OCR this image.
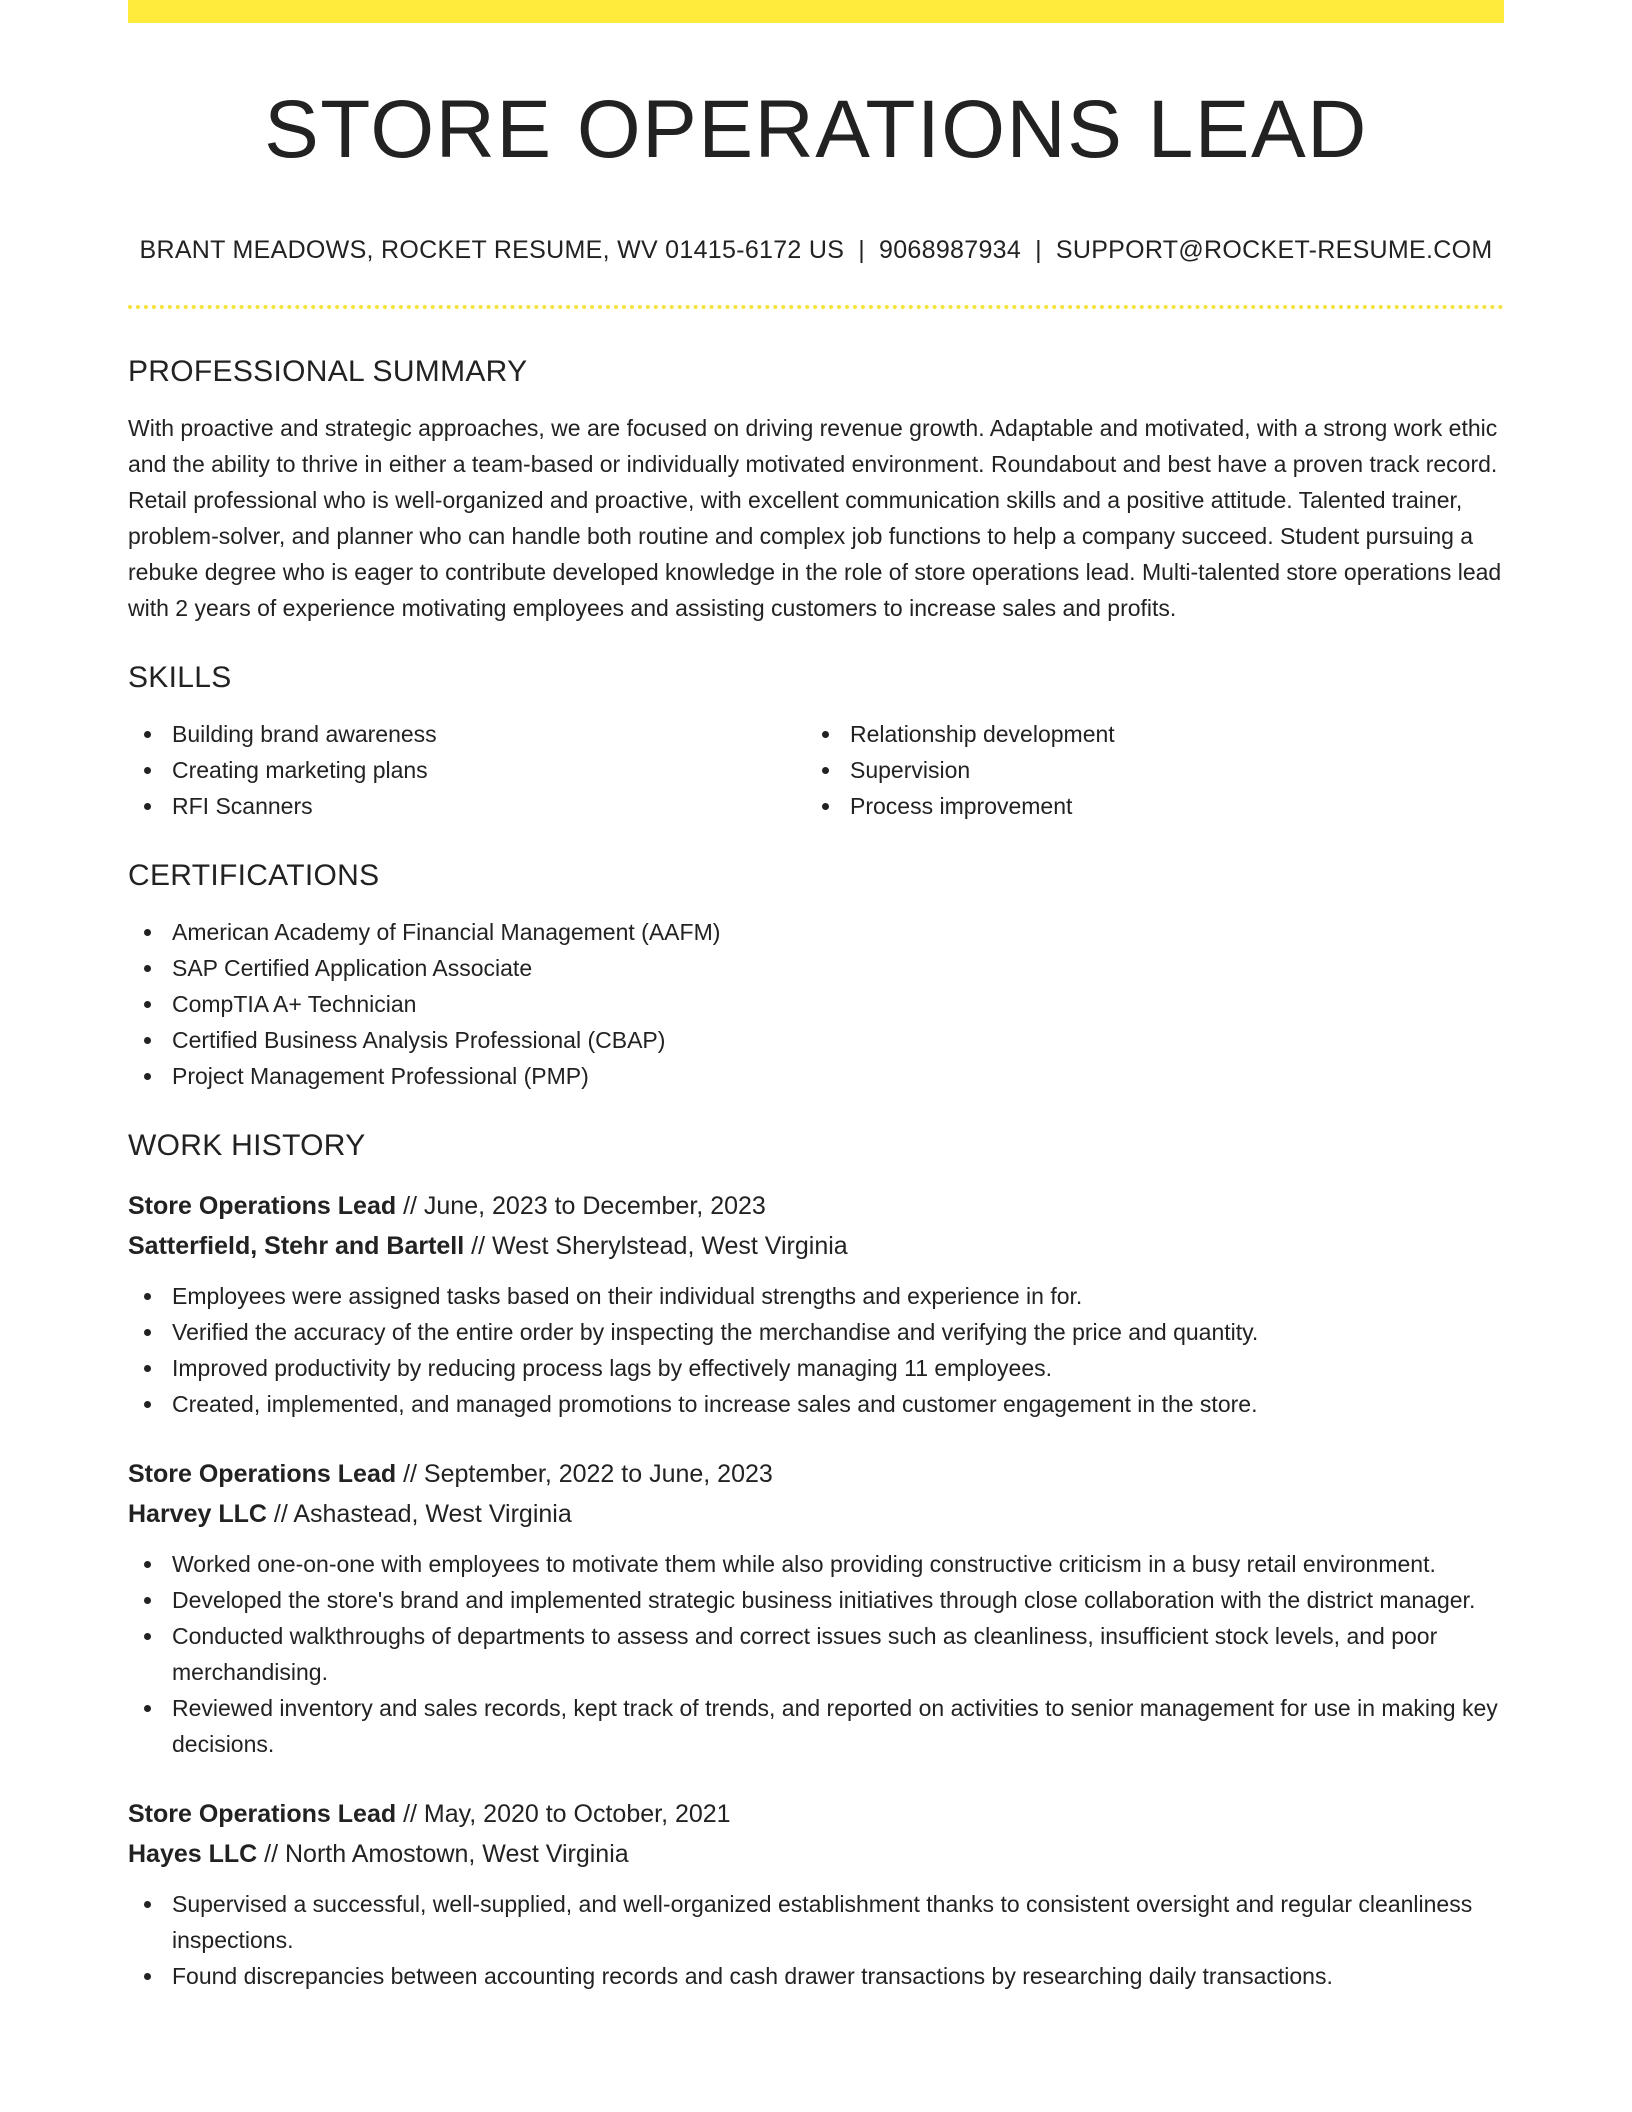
STORE OPERATIONS LEAD
BRANT MEADOWS, ROCKET RESUME, WV 01415-6172 US | 9068987934 | SUPPORT@ROCKET-RESUME.COM
PROFESSIONAL SUMMARY

With proactive and strategic approaches, we are focused on driving revenue growth. Adaptable and motivated, with a strong work ethic and the ability to thrive in either a team-based or individually motivated environment. Roundabout and best have a proven track record. Retail professional who is well-organized and proactive, with excellent communication skills and a positive attitude. Talented trainer, problem-solver, and planner who can handle both routine and complex job functions to help a company succeed. Student pursuing a rebuke degree who is eager to contribute developed knowledge in the role of store operations lead. Multi-talented store operations lead with 2 years of experience motivating employees and assisting customers to increase sales and profits.

SKILLS
Building brand awareness
Creating marketing plans
RFI Scanners
Relationship development
Supervision
Process improvement
CERTIFICATIONS
American Academy of Financial Management (AAFM)
SAP Certified Application Associate
CompTIA A+ Technician
Certified Business Analysis Professional (CBAP)
Project Management Professional (PMP)
WORK HISTORY
Store Operations Lead // June, 2023 to December, 2023
Satterfield, Stehr and Bartell // West Sherylstead, West Virginia
Employees were assigned tasks based on their individual strengths and experience in for.
Verified the accuracy of the entire order by inspecting the merchandise and verifying the price and quantity.
Improved productivity by reducing process lags by effectively managing 11 employees.
Created, implemented, and managed promotions to increase sales and customer engagement in the store.
Store Operations Lead // September, 2022 to June, 2023
Harvey LLC // Ashastead, West Virginia
Worked one-on-one with employees to motivate them while also providing constructive criticism in a busy retail environment.
Developed the store's brand and implemented strategic business initiatives through close collaboration with the district manager.
Conducted walkthroughs of departments to assess and correct issues such as cleanliness, insufficient stock levels, and poor merchandising.
Reviewed inventory and sales records, kept track of trends, and reported on activities to senior management for use in making key decisions.
Store Operations Lead // May, 2020 to October, 2021
Hayes LLC // North Amostown, West Virginia
Supervised a successful, well-supplied, and well-organized establishment thanks to consistent oversight and regular cleanliness inspections.
Found discrepancies between accounting records and cash drawer transactions by researching daily transactions.
